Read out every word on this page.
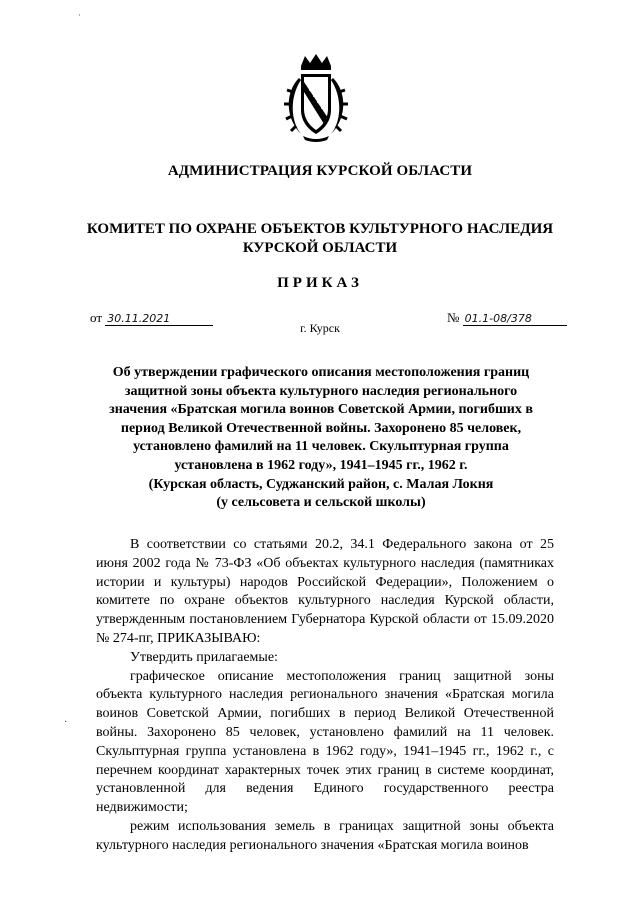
·
АДМИНИСТРАЦИЯ КУРСКОЙ ОБЛАСТИ
КОМИТЕТ ПО ОХРАНЕ ОБЪЕКТОВ КУЛЬТУРНОГО НАСЛЕДИЯ
КУРСКОЙ ОБЛАСТИ
ПРИКАЗ
от 30.11.2021	№ 01.1-08/378
г. Курск
Об утверждении графического описания местоположения границ
защитной зоны объекта культурного наследия регионального
значения «Братская могила воинов Советской Армии, погибших в
период Великой Отечественной войны. Захоронено 85 человек,
установлено фамилий на 11 человек. Скульптурная группа
установлена в 1962 году», 1941–1945 гг., 1962 г.
(Курская область, Суджанский район, с. Малая Локня
(у сельсовета и сельской школы)

В соответствии со статьями 20.2, 34.1 Федерального закона от 25 июня 2002 года № 73-ФЗ «Об объектах культурного наследия (памятниках истории и культуры) народов Российской Федерации», Положением о комитете по охране объектов культурного наследия Курской области, утвержденным постановлением Губернатора Курской области от 15.09.2020 № 274-пг, ПРИКАЗЫВАЮ:

Утвердить прилагаемые:

графическое описание местоположения границ защитной зоны объекта культурного наследия регионального значения «Братская могила воинов Советской Армии, погибших в период Великой Отечественной войны. Захоронено 85 человек, установлено фамилий на 11 человек. Скульптурная группа установлена в 1962 году», 1941–1945 гг., 1962 г., с перечнем координат характерных точек этих границ в системе координат, установленной для ведения Единого государственного реестра недвижимости;

режим использования земель в границах защитной зоны объекта культурного наследия регионального значения «Братская могила воинов

·
